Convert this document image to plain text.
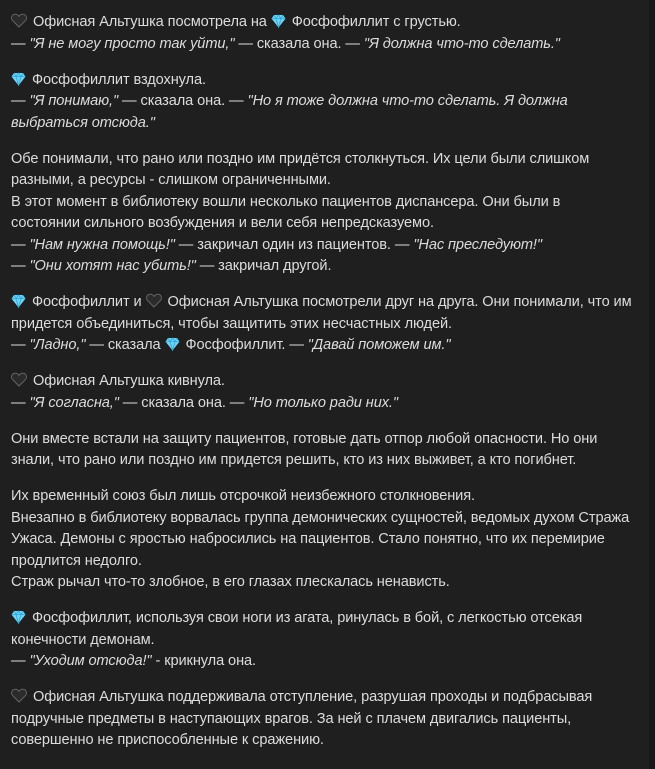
Офисная Альтушка посмотрела на Фосфофиллит с грустью.
— "Я не могу просто так уйти," — сказала она. — "Я должна что-то сделать."

Фосфофиллит вздохнула.
— "Я понимаю," — сказала она. — "Но я тоже должна что-то сделать. Я должна выбраться отсюда."

Обе понимали, что рано или поздно им придётся столкнуться. Их цели были слишком разными, а ресурсы - слишком ограниченными.
В этот момент в библиотеку вошли несколько пациентов диспансера. Они были в состоянии сильного возбуждения и вели себя непредсказуемо.
— "Нам нужна помощь!" — закричал один из пациентов. — "Нас преследуют!"
— "Они хотят нас убить!" — закричал другой.

Фосфофиллит и Офисная Альтушка посмотрели друг на друга. Они понимали, что им придется объединиться, чтобы защитить этих несчастных людей.
— "Ладно," — сказала Фосфофиллит. — "Давай поможем им."

Офисная Альтушка кивнула.
— "Я согласна," — сказала она. — "Но только ради них."

Они вместе встали на защиту пациентов, готовые дать отпор любой опасности. Но они знали, что рано или поздно им придется решить, кто из них выживет, а кто погибнет.

Их временный союз был лишь отсрочкой неизбежного столкновения.
Внезапно в библиотеку ворвалась группа демонических сущностей, ведомых духом Стража Ужаса. Демоны с яростью набросились на пациентов. Стало понятно, что их перемирие продлится недолго.
Страж рычал что-то злобное, в его глазах плескалась ненависть.

Фосфофиллит, используя свои ноги из агата, ринулась в бой, с легкостью отсекая конечности демонам.
— "Уходим отсюда!" - крикнула она.

Офисная Альтушка поддерживала отступление, разрушая проходы и подбрасывая подручные предметы в наступающих врагов. За ней с плачем двигались пациенты, совершенно не приспособленные к сражению.
